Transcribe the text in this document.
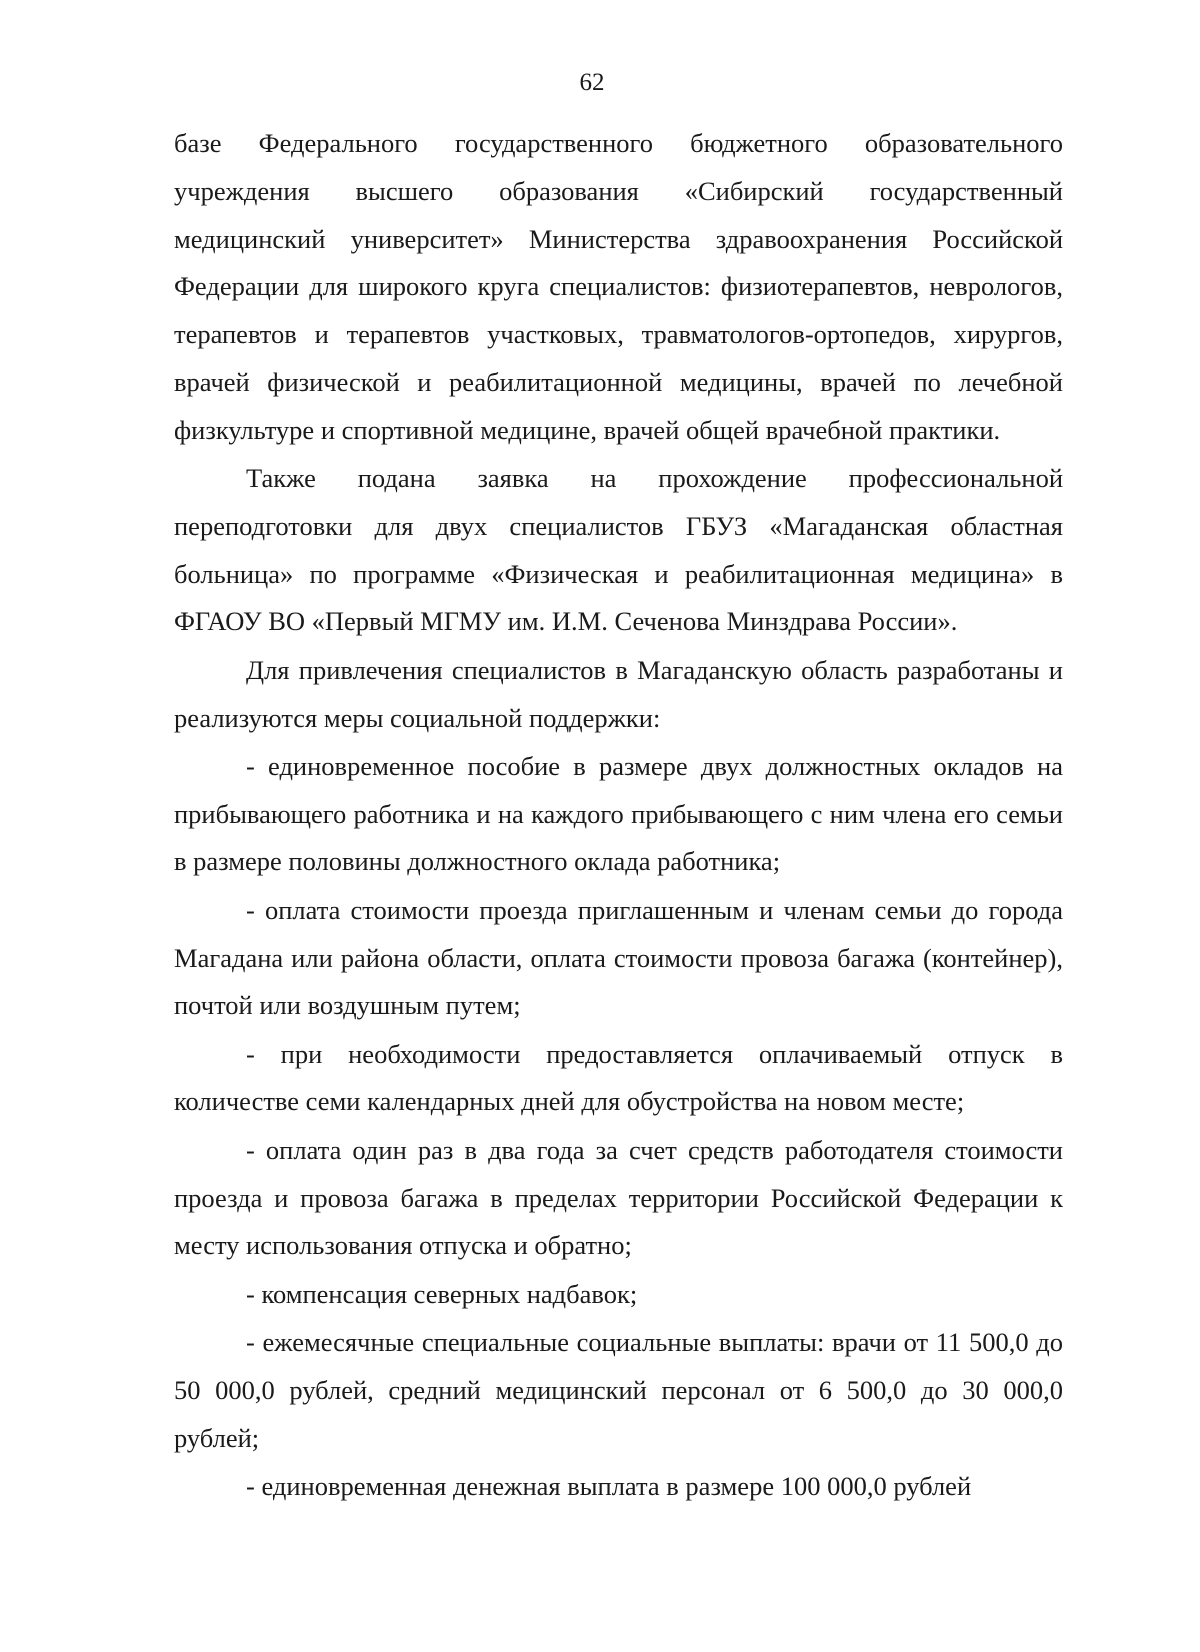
62

базе Федерального государственного бюджетного образовательного учреждения высшего образования «Сибирский государственный медицинский университет» Министерства здравоохранения Российской Федерации для широкого круга специалистов: физиотерапевтов, неврологов, терапевтов и терапевтов участковых, травматологов-ортопедов, хирургов, врачей физической и реабилитационной медицины, врачей по лечебной физкультуре и спортивной медицине, врачей общей врачебной практики.

Также подана заявка на прохождение профессиональной переподготовки для двух специалистов ГБУЗ «Магаданская областная больница» по программе «Физическая и реабилитационная медицина» в ФГАОУ ВО «Первый МГМУ им. И.М. Сеченова Минздрава России».

Для привлечения специалистов в Магаданскую область разработаны и реализуются меры социальной поддержки:

- единовременное пособие в размере двух должностных окладов на прибывающего работника и на каждого прибывающего с ним члена его семьи в размере половины должностного оклада работника;

- оплата стоимости проезда приглашенным и членам семьи до города Магадана или района области, оплата стоимости провоза багажа (контейнер), почтой или воздушным путем;

- при необходимости предоставляется оплачиваемый отпуск в количестве семи календарных дней для обустройства на новом месте;

- оплата один раз в два года за счет средств работодателя стоимости проезда и провоза багажа в пределах территории Российской Федерации к месту использования отпуска и обратно;

- компенсация северных надбавок;

- ежемесячные специальные социальные выплаты: врачи от 11 500,0 до 50 000,0 рублей, средний медицинский персонал от 6 500,0 до 30 000,0 рублей;

- единовременная денежная выплата в размере 100 000,0 рублей
